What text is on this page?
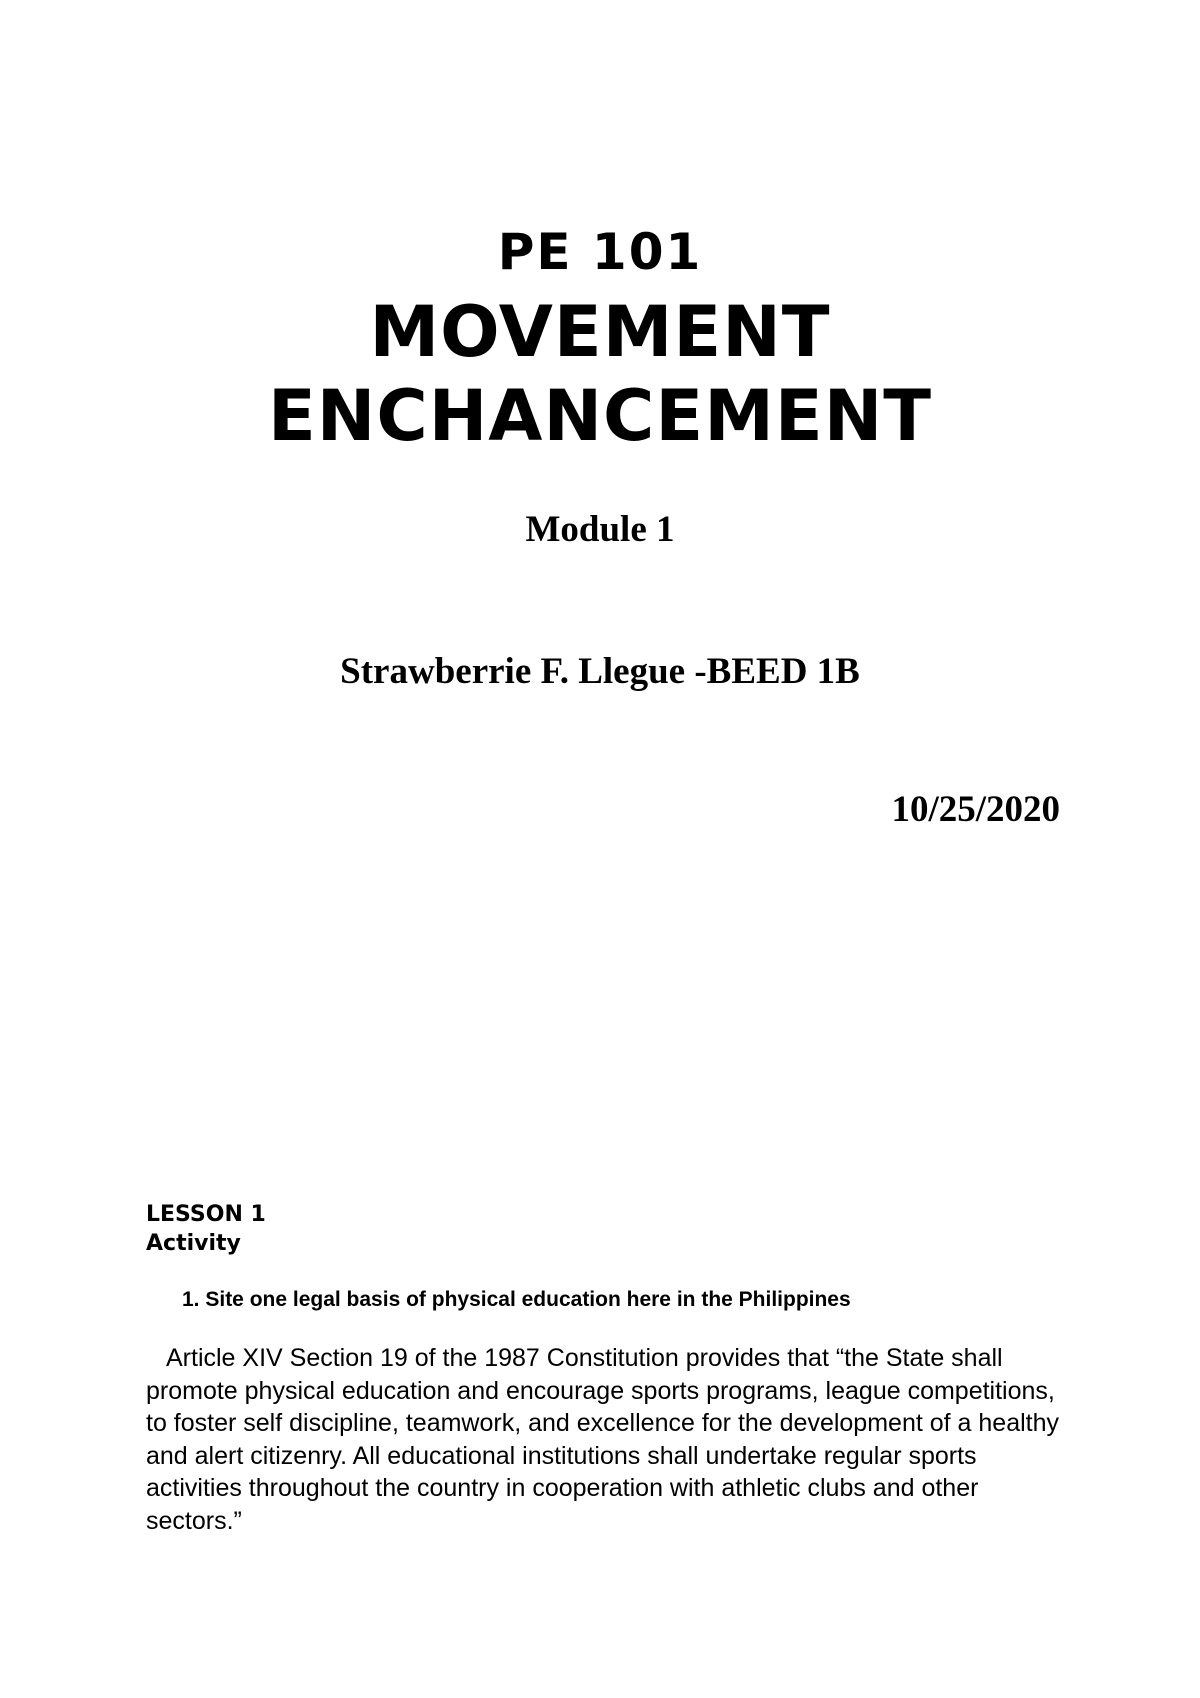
PE 101
MOVEMENT
ENCHANCEMENT
Module 1
Strawberrie F. Llegue -BEED 1B
10/25/2020
LESSON 1
Activity
1. Site one legal basis of physical education here in the Philippines
Article XIV Section 19 of the 1987 Constitution provides that “the State shall promote physical education and encourage sports programs, league competitions, to foster self discipline, teamwork, and excellence for the development of a healthy and alert citizenry. All educational institutions shall undertake regular sports activities throughout the country in cooperation with athletic clubs and other sectors.”
